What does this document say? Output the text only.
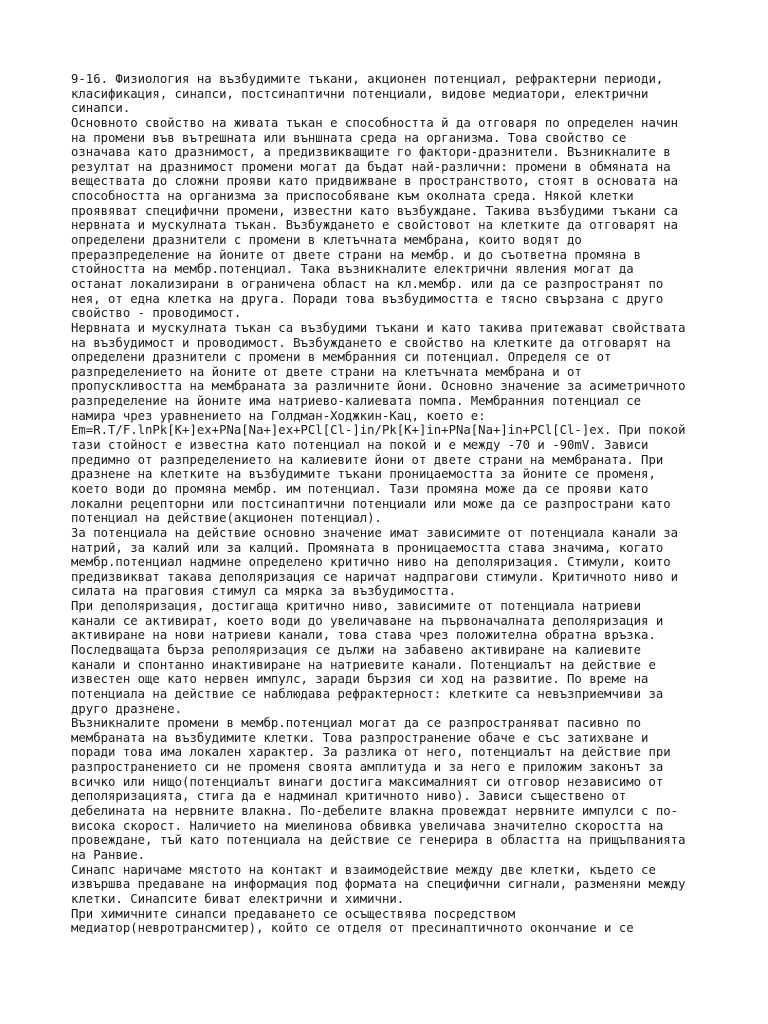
9-16. Физиология на възбудимите тъкани, акционен потенциал, рефрактерни периоди,
класификация, синапси, постсинаптични потенциали, видове медиатори, електрични
синапси.
Основното свойство на живата тъкан е способността й да отговаря по определен начин
на промени във вътрешната или външната среда на организма. Това свойство се
означава като дразнимост, а предизвикващите го фактори-дразнители. Възникналите в
резултат на дразнимост промени могат да бъдат най-различни: промени в обмяната на
веществата до сложни прояви като придвижване в пространството, стоят в основата на
способността на организма за приспособяване към околната среда. Някой клетки
проявяват специфични промени, известни като възбуждане. Такива възбудими тъкани са
нервната и мускулната тъкан. Възбуждането е свойстовот на клетките да отговарят на
определени дразнители с промени в клетъчната мембрана, които водят до
преразпределение на йоните от двете страни на мембр. и до съответна промяна в
стойността на мембр.потенциал. Така възникналите електрични явления могат да
останат локализирани в ограничена област на кл.мембр. или да се разпространят по
нея, от една клетка на друга. Поради това възбудимостта е тясно свързана с друго
свойство - проводимост.
Нервната и мускулната тъкан са възбудими тъкани и като такива притежават свойствата
на възбудимост и проводимост. Възбуждането е свойство на клетките да отговарят на
определени дразнители с промени в мембранния си потенциал. Определя се от
разпределението на йоните от двете страни на клетъчната мембрана и от
пропускливостта на мембраната за различните йони. Основно значение за асиметричното
разпределение на йоните има натриево-калиевата помпа. Мембранния потенциал се
намира чрез уравнението на Голдман-Ходжкин-Кац, което е:
Em=R.T/F.lnPk[K+]ex+PNa[Na+]ex+PCl[Cl-]in/Pk[K+]in+PNa[Na+]in+PCl[Cl-]ex. При покой
тази стойност е известна като потенциал на покой и е между -70 и -90mV. Зависи
предимно от разпределението на калиевите йони от двете страни на мембраната. При
дразнене на клетките на възбудимите тъкани проницаемостта за йоните се променя,
което води до промяна мембр. им потенциал. Тази промяна може да се прояви като
локални рецепторни или постсинаптични потенциали или може да се разпространи като
потенциал на действие(акционен потенциал).
За потенциала на действие основно значение имат зависимите от потенциала канали за
натрий, за калий или за калций. Промяната в проницаемостта става значима, когато
мембр.потенциал надмине определено критично ниво на деполяризация. Стимули, които
предизвикват такава деполяризация се наричат надпрагови стимули. Критичното ниво и
силата на праговия стимул са мярка за възбудимостта.
При деполяризация, достигаща критично ниво, зависимите от потенциала натриеви
канали се активират, което води до увеличаване на първоначалната деполяризация и
активиране на нови натриеви канали, това става чрез положителна обратна връзка.
Последващата бърза реполяризация се дължи на забавено активиране на калиевите
канали и спонтанно инактивиране на натриевите канали. Потенциалът на действие е
известен още като нервен импулс, заради бързия си ход на развитие. По време на
потенциала на действие се наблюдава рефрактерност: клетките са невъзприемчиви за
друго дразнене.
Възникналите промени в мембр.потенциал могат да се разпространяват пасивно по
мембраната на възбудимите клетки. Това разпространение обаче е със затихване и
поради това има локален характер. За разлика от него, потенциалът на действие при
разпространението си не променя своята амплитуда и за него е приложим законът за
всичко или нищо(потенциалът винаги достига максималният си отговор независимо от
деполяризацията, стига да е надминал критичното ниво). Зависи съществено от
дебелината на нервните влакна. По-дебелите влакна провеждат нервните импулси с по-
висока скорост. Наличието на миелинова обвивка увеличава значително скоростта на
провеждане, тъй като потенциала на действие се генерира в областта на прищъпванията
на Ранвие.
Синапс наричаме мястото на контакт и взаимодействие между две клетки, където се
извършва предаване на информация под формата на специфични сигнали, разменяни между
клетки. Синапсите биват електрични и химични.
При химичните синапси предаването се осъществява посредством
медиатор(невротрансмитер), който се отделя от пресинаптичното окончание и се
